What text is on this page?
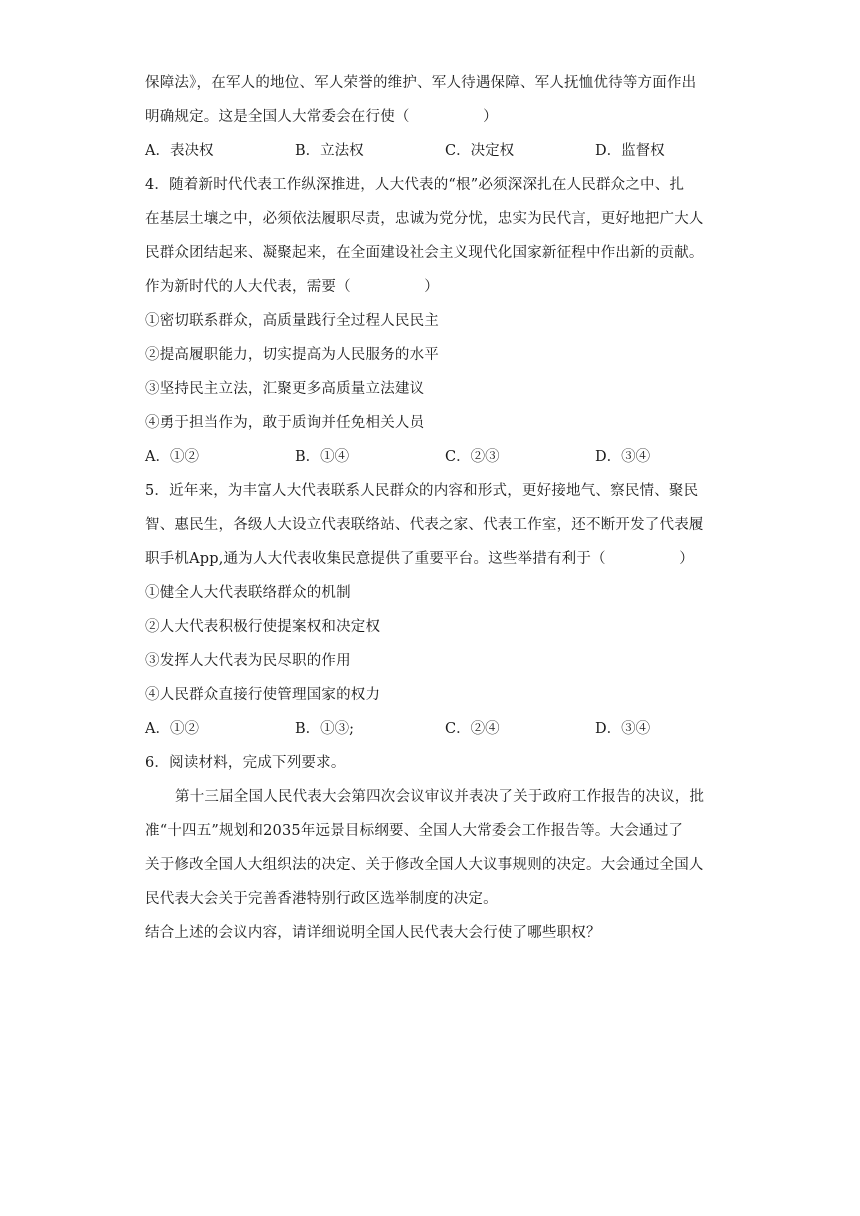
保障法》，在军人的地位、军人荣誉的维护、军人待遇保障、军人抚恤优待等方面作出
明确规定。这是全国人大常委会在行使（　　　　　）
A．表决权	B．立法权	C．决定权	D．监督权
4．随着新时代代表工作纵深推进，人大代表的“根”必须深深扎在人民群众之中、扎
在基层土壤之中，必须依法履职尽责，忠诚为党分忧，忠实为民代言，更好地把广大人
民群众团结起来、凝聚起来，在全面建设社会主义现代化国家新征程中作出新的贡献。
作为新时代的人大代表，需要（　　　　　）
①密切联系群众，高质量践行全过程人民民主
②提高履职能力，切实提高为人民服务的水平
③坚持民主立法，汇聚更多高质量立法建议
④勇于担当作为，敢于质询并任免相关人员
A．①②	B．①④	C．②③	D．③④
5．近年来，为丰富人大代表联系人民群众的内容和形式，更好接地气、察民情、聚民
智、惠民生，各级人大设立代表联络站、代表之家、代表工作室，还不断开发了代表履
职手机App,通为人大代表收集民意提供了重要平台。这些举措有利于（　　　　　）
①健全人大代表联络群众的机制
②人大代表积极行使提案权和决定权
③发挥人大代表为民尽职的作用
④人民群众直接行使管理国家的权力
A．①②	B．①③;	C．②④	D．③④
6．阅读材料，完成下列要求。
第十三届全国人民代表大会第四次会议审议并表决了关于政府工作报告的决议，批
准“十四五”规划和2035年远景目标纲要、全国人大常委会工作报告等。大会通过了
关于修改全国人大组织法的决定、关于修改全国人大议事规则的决定。大会通过全国人
民代表大会关于完善香港特别行政区选举制度的决定。
结合上述的会议内容，请详细说明全国人民代表大会行使了哪些职权？
